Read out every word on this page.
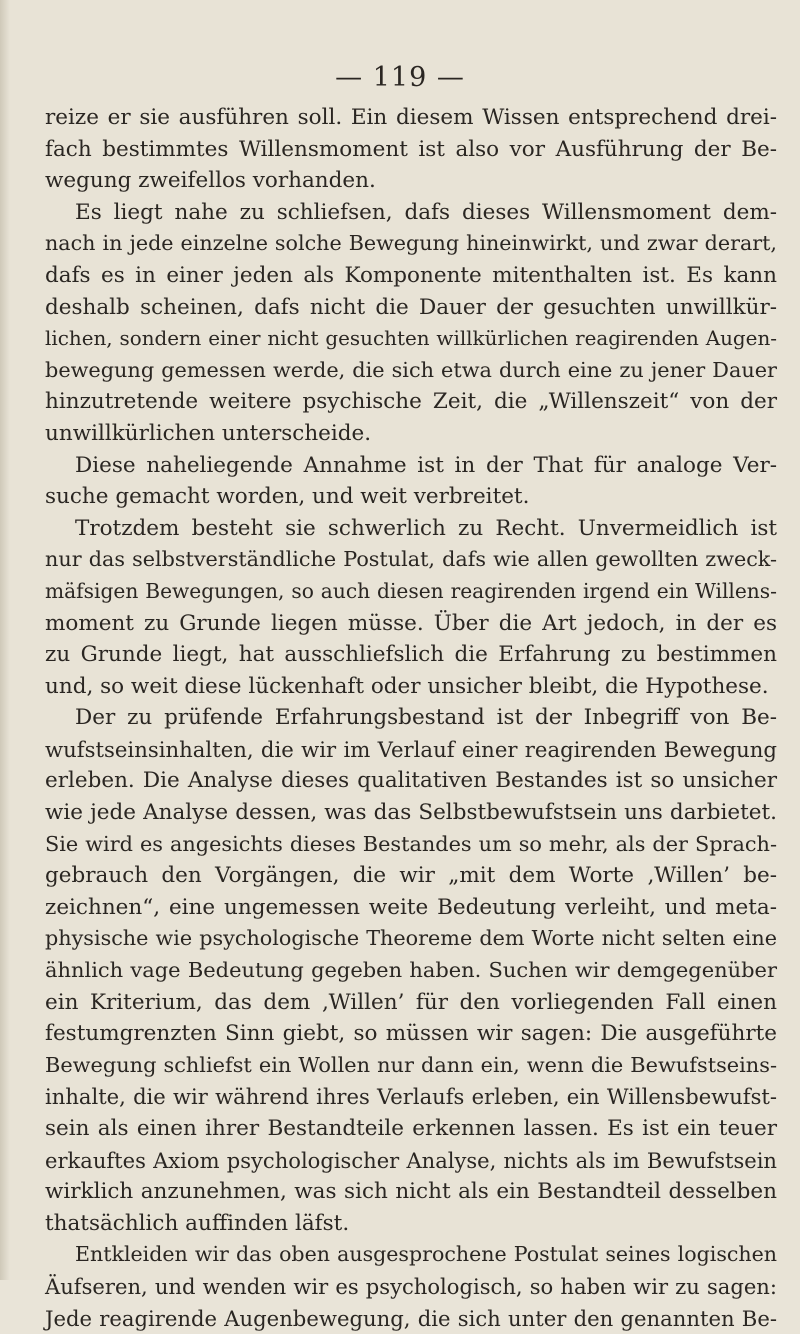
— 119 —
reize er sie ausführen soll. Ein diesem Wissen entsprechend drei-
fach bestimmtes Willensmoment ist also vor Ausführung der Be-
wegung zweifellos vorhanden.
Es liegt nahe zu schliefsen, dafs dieses Willensmoment dem-
nach in jede einzelne solche Bewegung hineinwirkt, und zwar derart,
dafs es in einer jeden als Komponente mitenthalten ist. Es kann
deshalb scheinen, dafs nicht die Dauer der gesuchten unwillkür-
lichen, sondern einer nicht gesuchten willkürlichen reagirenden Augen-
bewegung gemessen werde, die sich etwa durch eine zu jener Dauer
hinzutretende weitere psychische Zeit, die „Willenszeit“ von der
unwillkürlichen unterscheide.
Diese naheliegende Annahme ist in der That für analoge Ver-
suche gemacht worden, und weit verbreitet.
Trotzdem besteht sie schwerlich zu Recht. Unvermeidlich ist
nur das selbstverständliche Postulat, dafs wie allen gewollten zweck-
mäfsigen Bewegungen, so auch diesen reagirenden irgend ein Willens-
moment zu Grunde liegen müsse. Über die Art jedoch, in der es
zu Grunde liegt, hat ausschliefslich die Erfahrung zu bestimmen
und, so weit diese lückenhaft oder unsicher bleibt, die Hypothese.
Der zu prüfende Erfahrungsbestand ist der Inbegriff von Be-
wufstseinsinhalten, die wir im Verlauf einer reagirenden Bewegung
erleben. Die Analyse dieses qualitativen Bestandes ist so unsicher
wie jede Analyse dessen, was das Selbstbewufstsein uns darbietet.
Sie wird es angesichts dieses Bestandes um so mehr, als der Sprach-
gebrauch den Vorgängen, die wir „mit dem Worte ‚Willen’ be-
zeichnen“, eine ungemessen weite Bedeutung verleiht, und meta-
physische wie psychologische Theoreme dem Worte nicht selten eine
ähnlich vage Bedeutung gegeben haben. Suchen wir demgegenüber
ein Kriterium, das dem ‚Willen’ für den vorliegenden Fall einen
festumgrenzten Sinn giebt, so müssen wir sagen: Die ausgeführte
Bewegung schliefst ein Wollen nur dann ein, wenn die Bewufstseins-
inhalte, die wir während ihres Verlaufs erleben, ein Willensbewufst-
sein als einen ihrer Bestandteile erkennen lassen. Es ist ein teuer
erkauftes Axiom psychologischer Analyse, nichts als im Bewufstsein
wirklich anzunehmen, was sich nicht als ein Bestandteil desselben
thatsächlich auffinden läfst.
Entkleiden wir das oben ausgesprochene Postulat seines logischen
Äufseren, und wenden wir es psychologisch, so haben wir zu sagen:
Jede reagirende Augenbewegung, die sich unter den genannten Be-
